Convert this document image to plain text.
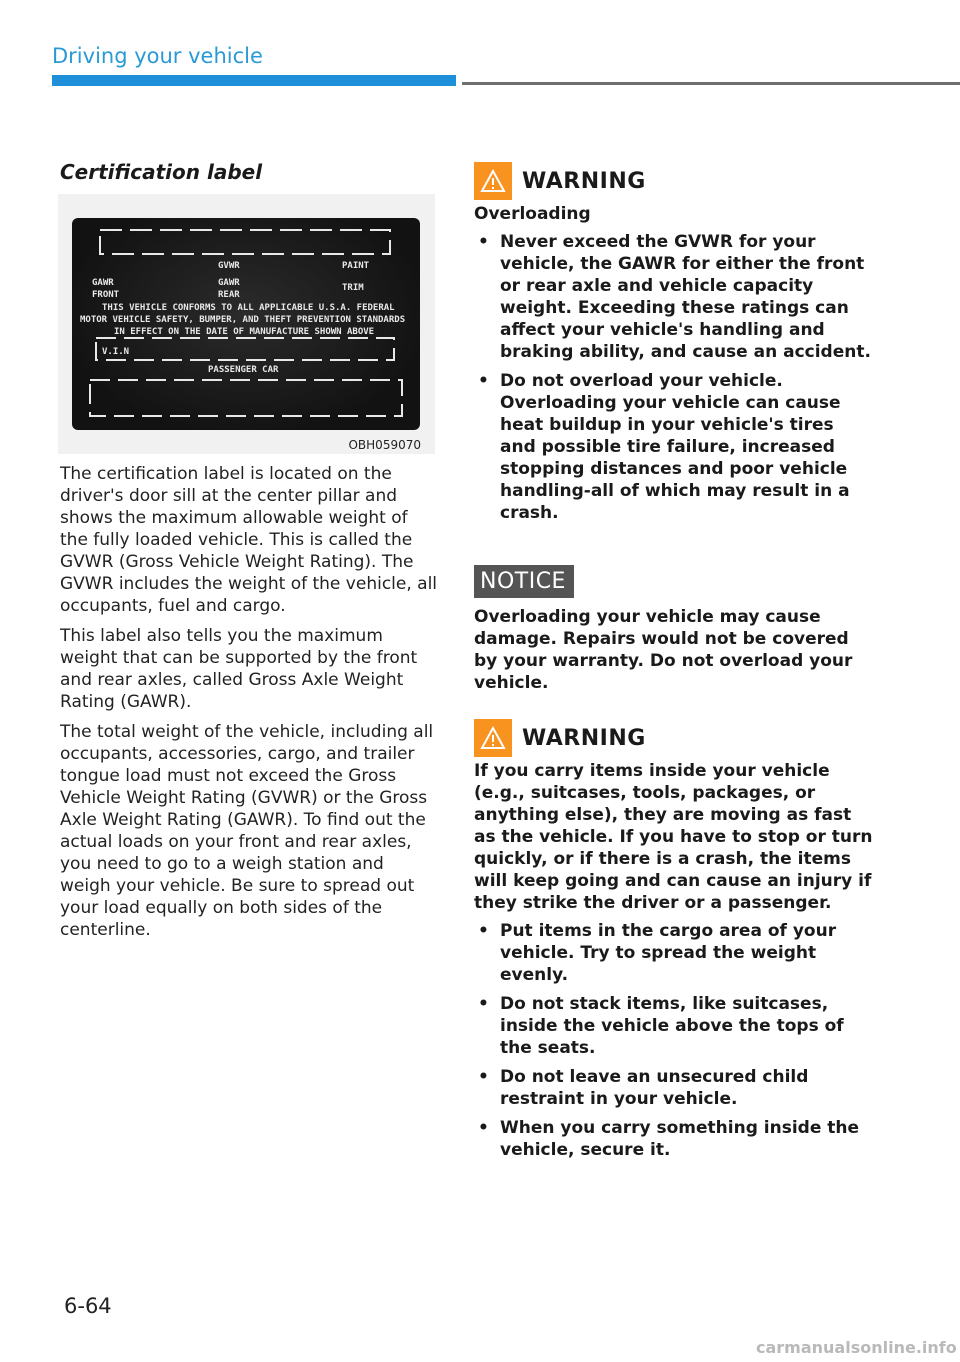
Driving your vehicle
Certification label
OBH059070
GVWR	PAINT
GAWR
FRONT
GAWR
REAR
TRIM
THIS VEHICLE CONFORMS TO ALL APPLICABLE U.S.A. FEDERAL
MOTOR VEHICLE SAFETY, BUMPER, AND THEFT PREVENTION STANDARDS
IN EFFECT ON THE DATE OF MANUFACTURE SHOWN ABOVE
V.I.N
PASSENGER CAR

The certification label is located on the driver's door sill at the center pillar and shows the maximum allowable weight of the fully loaded vehicle. This is called the GVWR (Gross Vehicle Weight Rating). The GVWR includes the weight of the vehicle, all occupants, fuel and cargo.

This label also tells you the maximum weight that can be supported by the front and rear axles, called Gross Axle Weight Rating (GAWR).

The total weight of the vehicle, including all occupants, accessories, cargo, and trailer tongue load must not exceed the Gross Vehicle Weight Rating (GVWR) or the Gross Axle Weight Rating (GAWR). To find out the actual loads on your front and rear axles, you need to go to a weigh station and weigh your vehicle. Be sure to spread out your load equally on both sides of the centerline.

WARNING

Overloading

• Never exceed the GVWR for your vehicle, the GAWR for either the front or rear axle and vehicle capacity weight. Exceeding these ratings can affect your vehicle's handling and braking ability, and cause an accident.
• Do not overload your vehicle. Overloading your vehicle can cause heat buildup in your vehicle's tires and possible tire failure, increased stopping distances and poor vehicle handling-all of which may result in a crash.
NOTICE

Overloading your vehicle may cause damage. Repairs would not be covered by your warranty. Do not overload your vehicle.

WARNING

If you carry items inside your vehicle (e.g., suitcases, tools, packages, or anything else), they are moving as fast as the vehicle. If you have to stop or turn quickly, or if there is a crash, the items will keep going and can cause an injury if they strike the driver or a passenger.

• Put items in the cargo area of your vehicle. Try to spread the weight evenly.
• Do not stack items, like suitcases, inside the vehicle above the tops of the seats.
• Do not leave an unsecured child restraint in your vehicle.
• When you carry something inside the vehicle, secure it.
6-64
carmanualsonline.info
